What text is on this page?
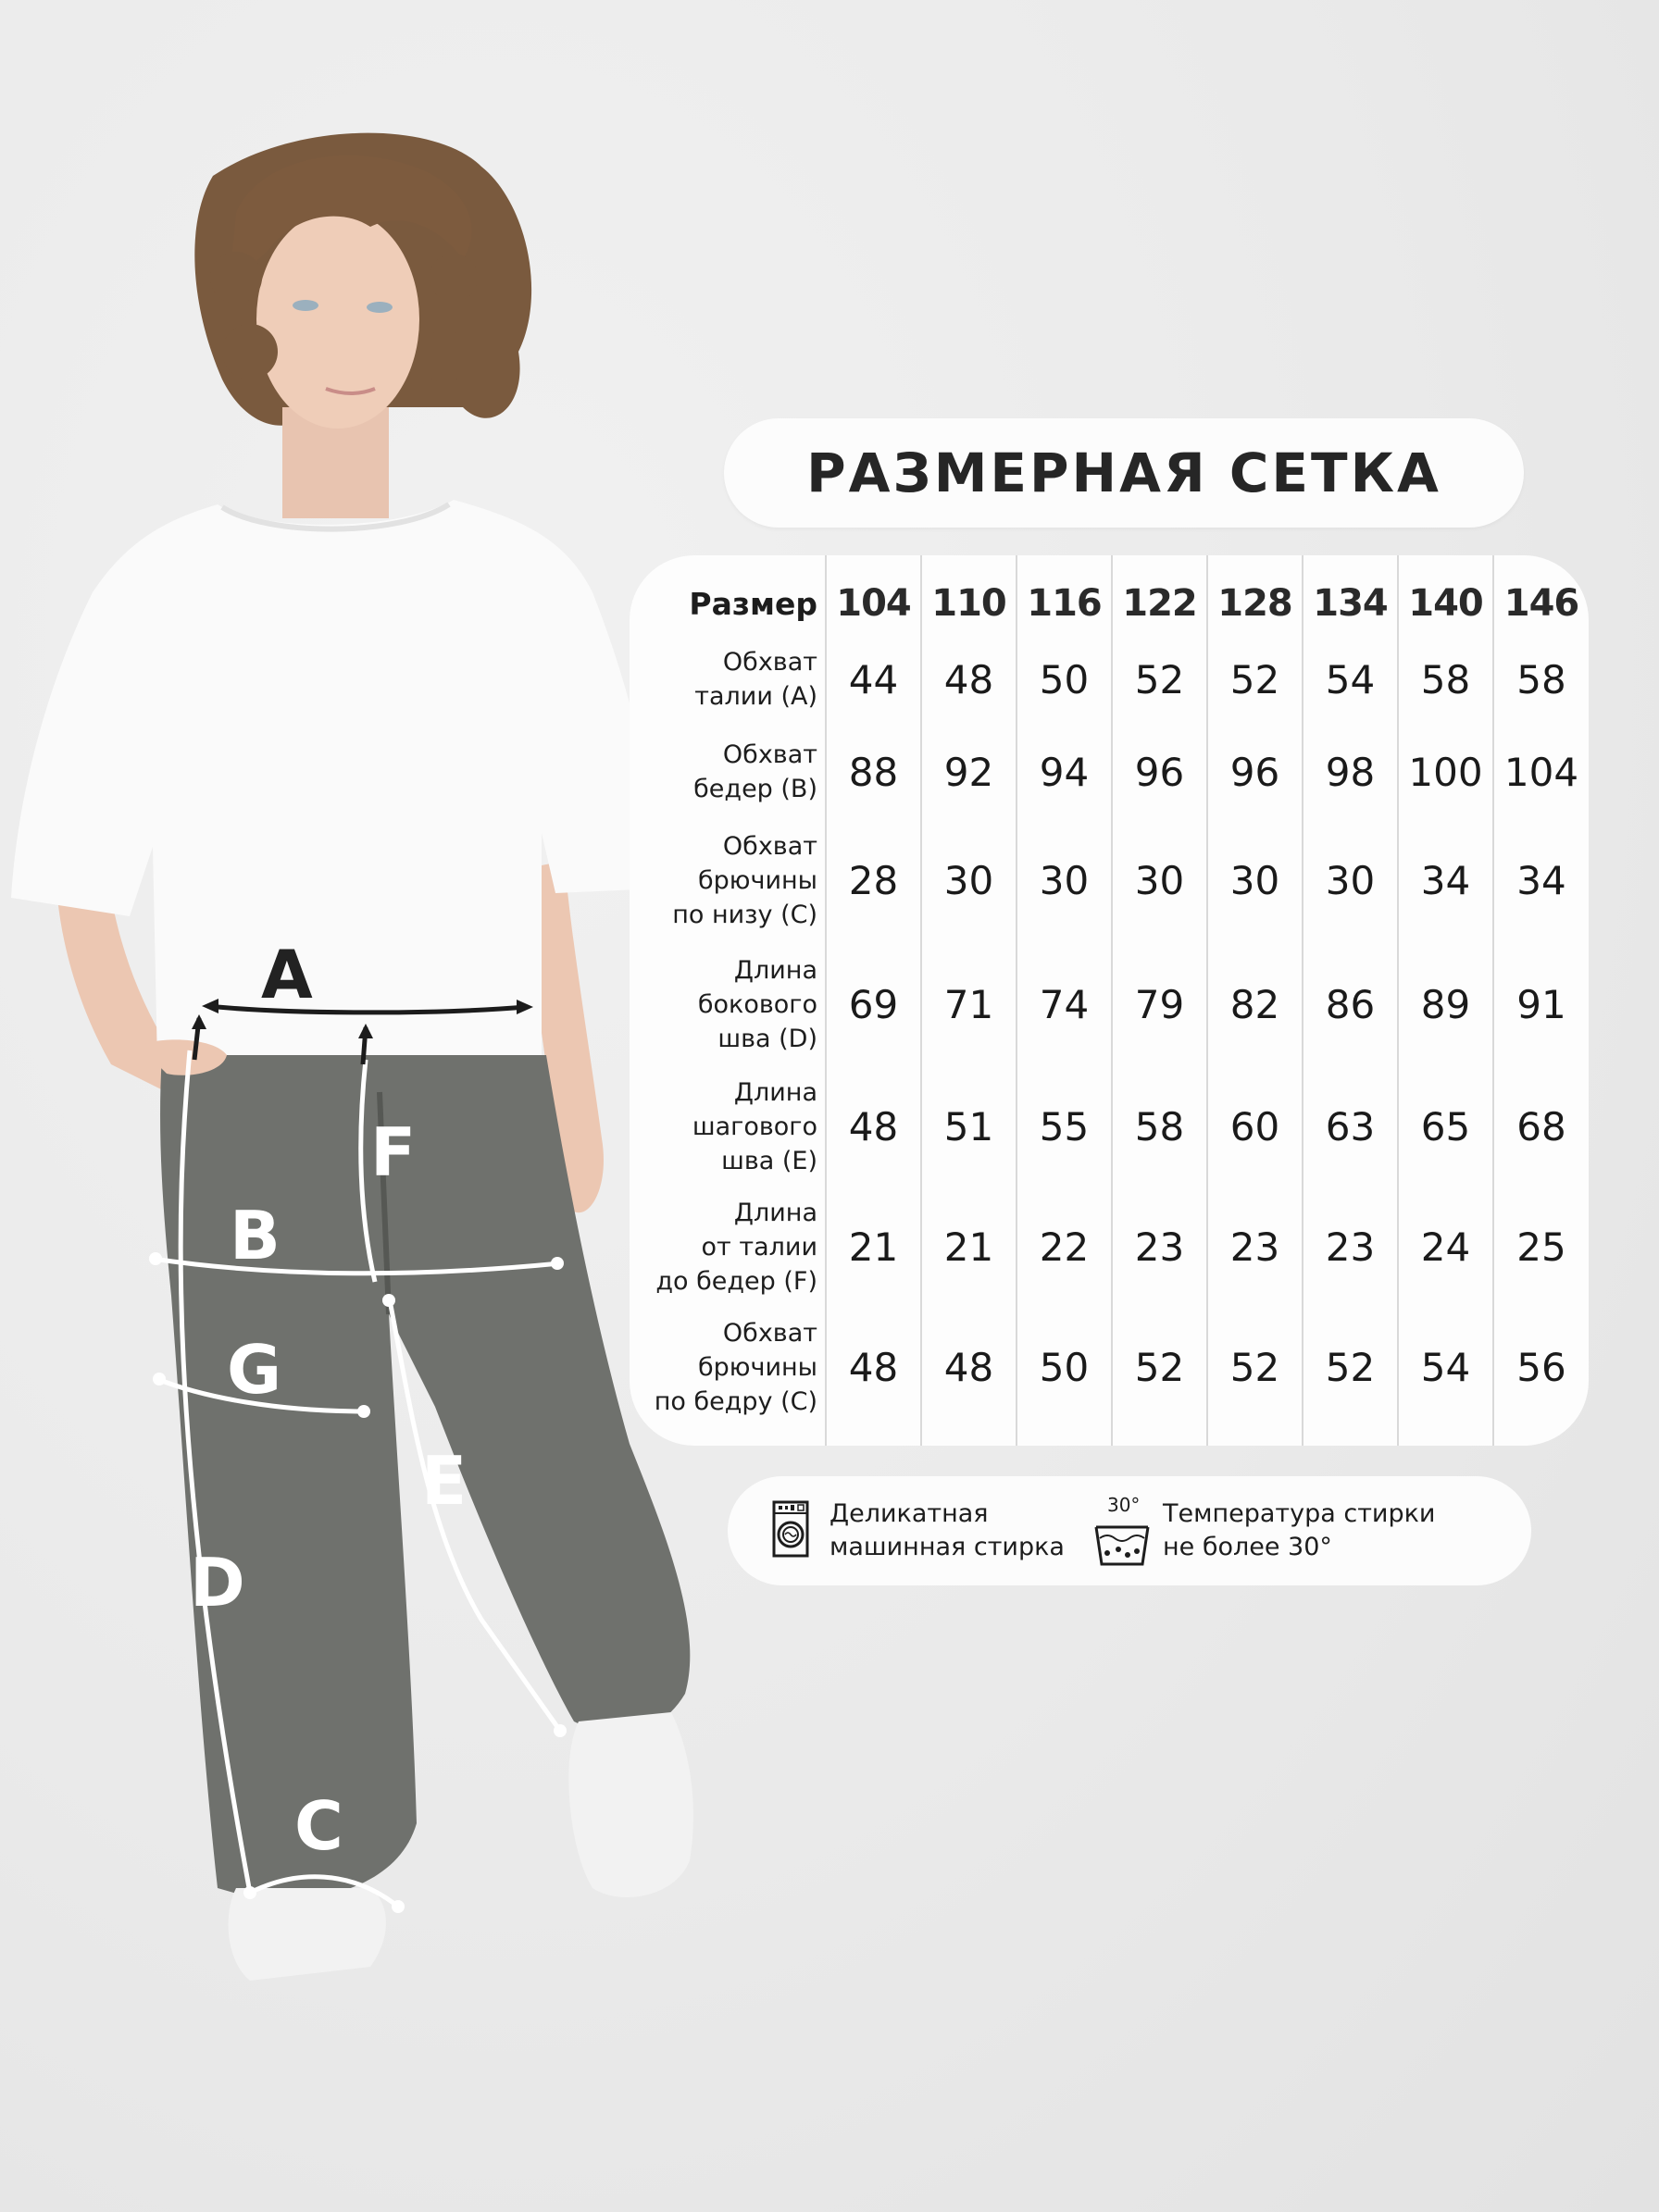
A
F
B
G
E
D
C
РАЗМЕРНАЯ СЕТКА
Размер	104	110	116	122	128	134	140	146

Обхват
талии (А)	44	48	50	52	52	54	58	58

Обхват
бедер (В)	88	92	94	96	96	98	100	104

Обхват
брючины
по низу (С)	28	30	30	30	30	30	34	34

Длина
бокового
шва (D)	69	71	74	79	82	86	89	91

Длина
шагового
шва (Е)	48	51	55	58	60	63	65	68

Длина
от талии
до бедер (F)	21	21	22	23	23	23	24	25

Обхват
брючины
по бедру (С)	48	48	50	52	52	52	54	56
Деликатная
машинная стирка
30° Температура стирки
не более 30°
